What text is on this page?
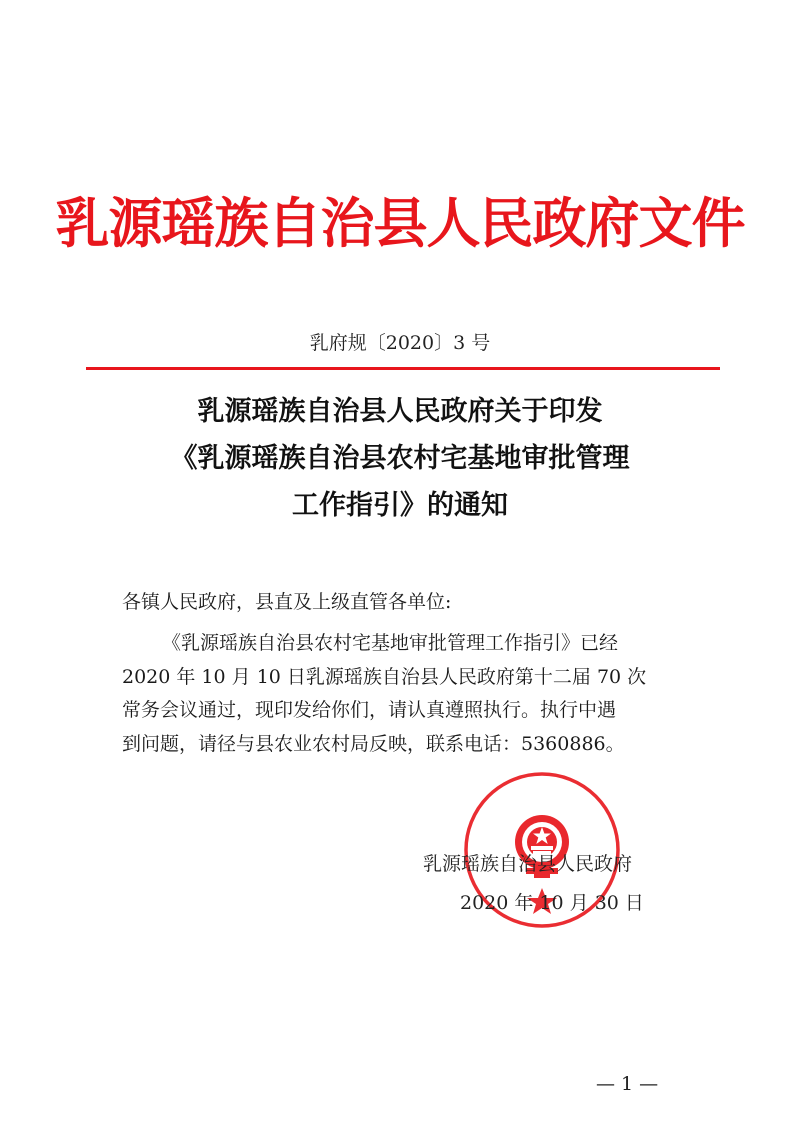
乳源瑶族自治县人民政府文件
乳府规〔2020〕3 号
乳源瑶族自治县人民政府关于印发
《乳源瑶族自治县农村宅基地审批管理
工作指引》的通知
各镇人民政府，县直及上级直管各单位:
《乳源瑶族自治县农村宅基地审批管理工作指引》已经
2020 年 10 月 10 日乳源瑶族自治县人民政府第十二届 70 次
常务会议通过，现印发给你们，请认真遵照执行。执行中遇
到问题，请径与县农业农村局反映，联系电话：5360886。
乳源瑶族自治县人民政府
2020 年 10 月 30 日
— 1 —
